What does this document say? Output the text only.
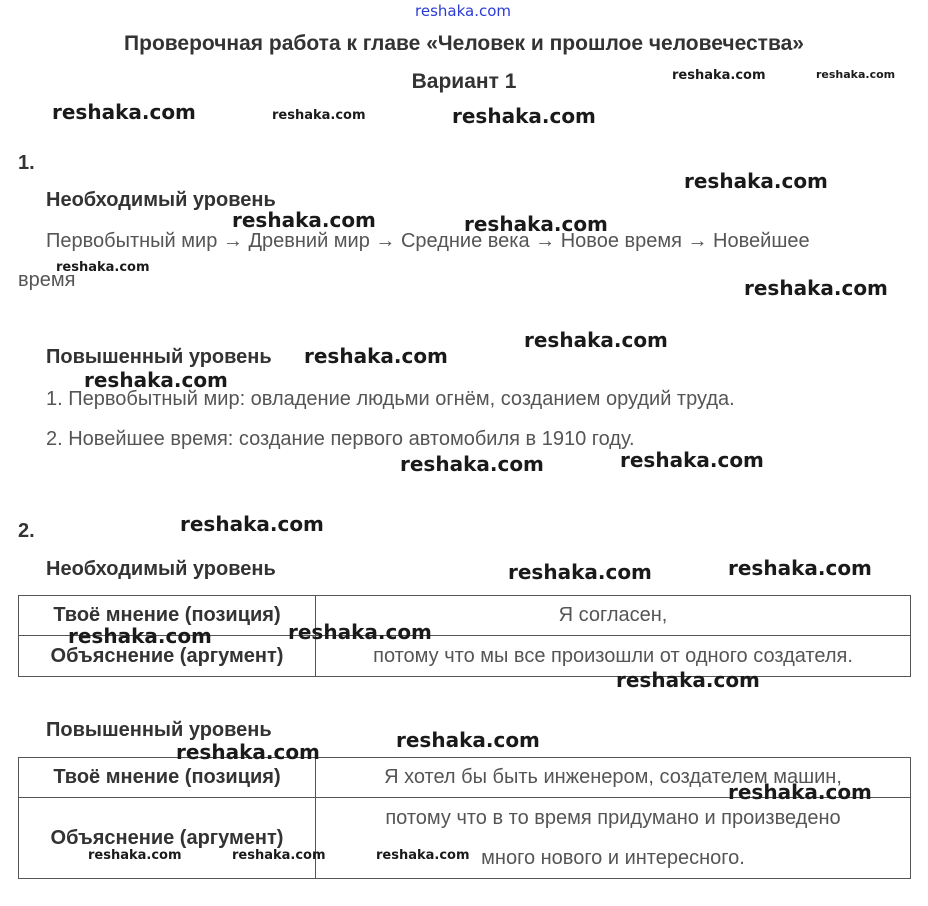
reshaka.com
Проверочная работа к главе «Человек и прошлое человечества»
Вариант 1
1.
Необходимый уровень
Первобытный мир → Древний мир → Средние века → Новое время → Новейшее
время
Повышенный уровень
1. Первобытный мир: овладение людьми огнём, созданием орудий труда.
2. Новейшее время: создание первого автомобиля в 1910 году.
2.
Необходимый уровень
Твоё мнение (позиция)	Я согласен,
Объяснение (аргумент)	потому что мы все произошли от одного создателя.
Повышенный уровень
Твоё мнение (позиция)	Я хотел бы быть инженером, создателем машин,
Объяснение (аргумент)	потому что в то время придумано и произведено
много нового и интересного.
reshaka.com	reshaka.com
reshaka.com	reshaka.com	reshaka.com
reshaka.com
reshaka.com	reshaka.com
reshaka.com
reshaka.com
reshaka.com
reshaka.com
reshaka.com
reshaka.com
reshaka.com
reshaka.com
reshaka.com
reshaka.com
reshaka.com
reshaka.com
reshaka.com
reshaka.com
reshaka.com
reshaka.com
reshaka.com	reshaka.com	reshaka.com
